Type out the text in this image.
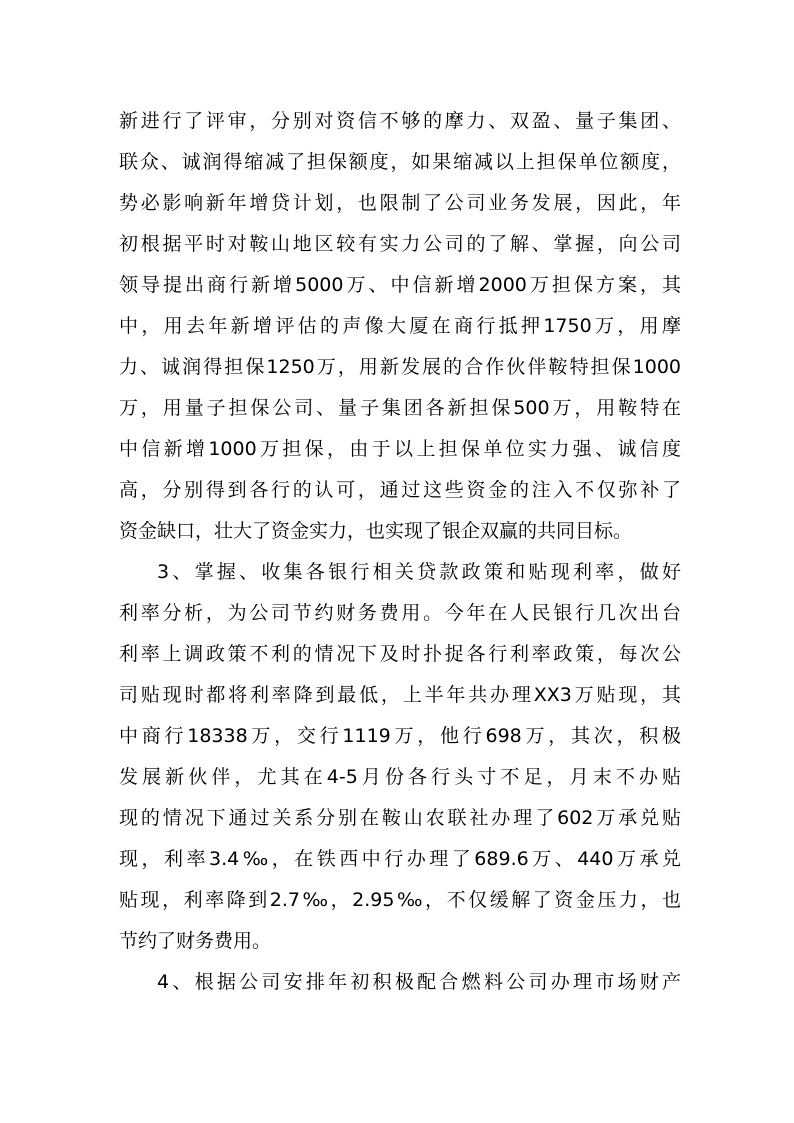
新进行了评审，分别对资信不够的摩力、双盈、量子集团、
联众、诚润得缩减了担保额度，如果缩减以上担保单位额度，
势必影响新年增贷计划，也限制了公司业务发展，因此，年
初根据平时对鞍山地区较有实力公司的了解、掌握，向公司
领导提出商行新增5000万、中信新增2000万担保方案，其
中，用去年新增评估的声像大厦在商行抵押1750万，用摩
力、诚润得担保1250万，用新发展的合作伙伴鞍特担保1000
万，用量子担保公司、量子集团各新担保500万，用鞍特在
中信新增1000万担保，由于以上担保单位实力强、诚信度
高，分别得到各行的认可，通过这些资金的注入不仅弥补了
资金缺口，壮大了资金实力，也实现了银企双赢的共同目标。
3、掌握、收集各银行相关贷款政策和贴现利率，做好
利率分析，为公司节约财务费用。今年在人民银行几次出台
利率上调政策不利的情况下及时扑捉各行利率政策，每次公
司贴现时都将利率降到最低，上半年共办理XX3万贴现，其
中商行18338万，交行1119万，他行698万，其次，积极
发展新伙伴，尤其在4-5月份各行头寸不足，月末不办贴
现的情况下通过关系分别在鞍山农联社办理了602万承兑贴
现，利率3.4‰，在铁西中行办理了689.6万、440万承兑
贴现，利率降到2.7‰，2.95‰，不仅缓解了资金压力，也
节约了财务费用。
4、根据公司安排年初积极配合燃料公司办理市场财产
